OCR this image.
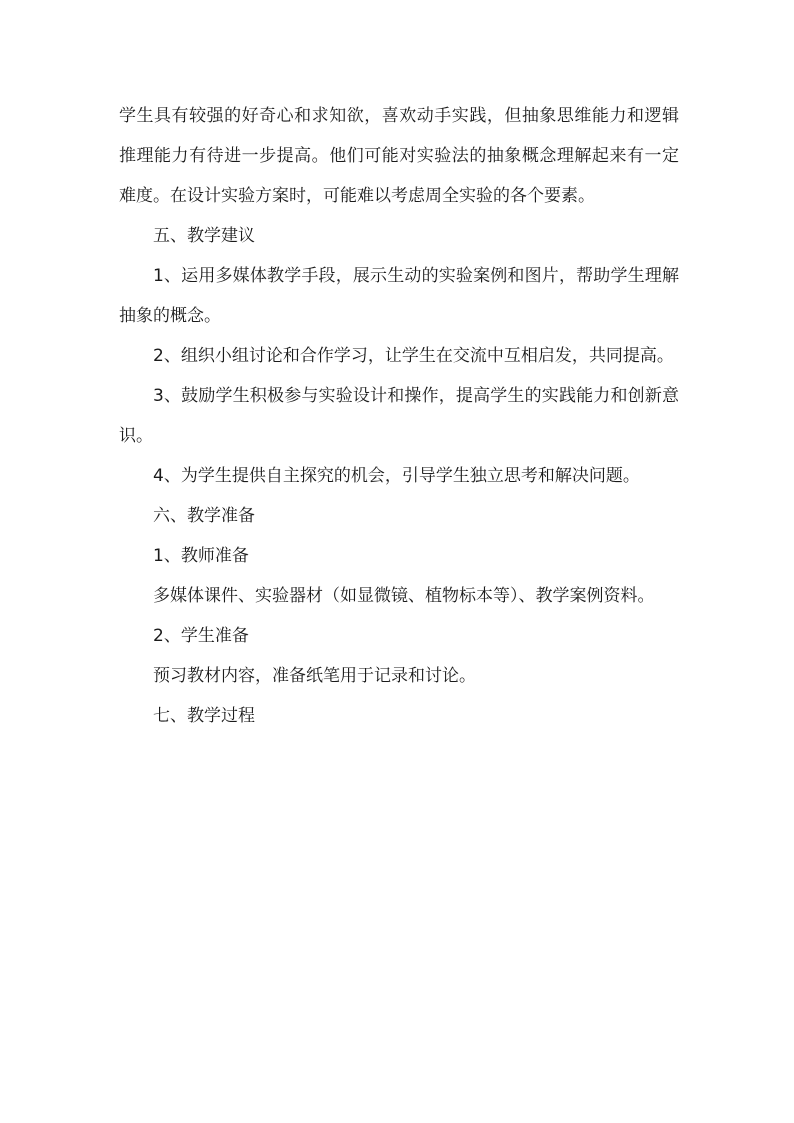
学生具有较强的好奇心和求知欲，喜欢动手实践，但抽象思维能力和逻辑推理能力有待进一步提高。他们可能对实验法的抽象概念理解起来有一定难度。在设计实验方案时，可能难以考虑周全实验的各个要素。

五、教学建议

1、运用多媒体教学手段，展示生动的实验案例和图片，帮助学生理解抽象的概念。

2、组织小组讨论和合作学习，让学生在交流中互相启发，共同提高。

3、鼓励学生积极参与实验设计和操作，提高学生的实践能力和创新意识。

4、为学生提供自主探究的机会，引导学生独立思考和解决问题。

六、教学准备

1、教师准备

多媒体课件、实验器材（如显微镜、植物标本等）、教学案例资料。

2、学生准备

预习教材内容，准备纸笔用于记录和讨论。

七、教学过程
